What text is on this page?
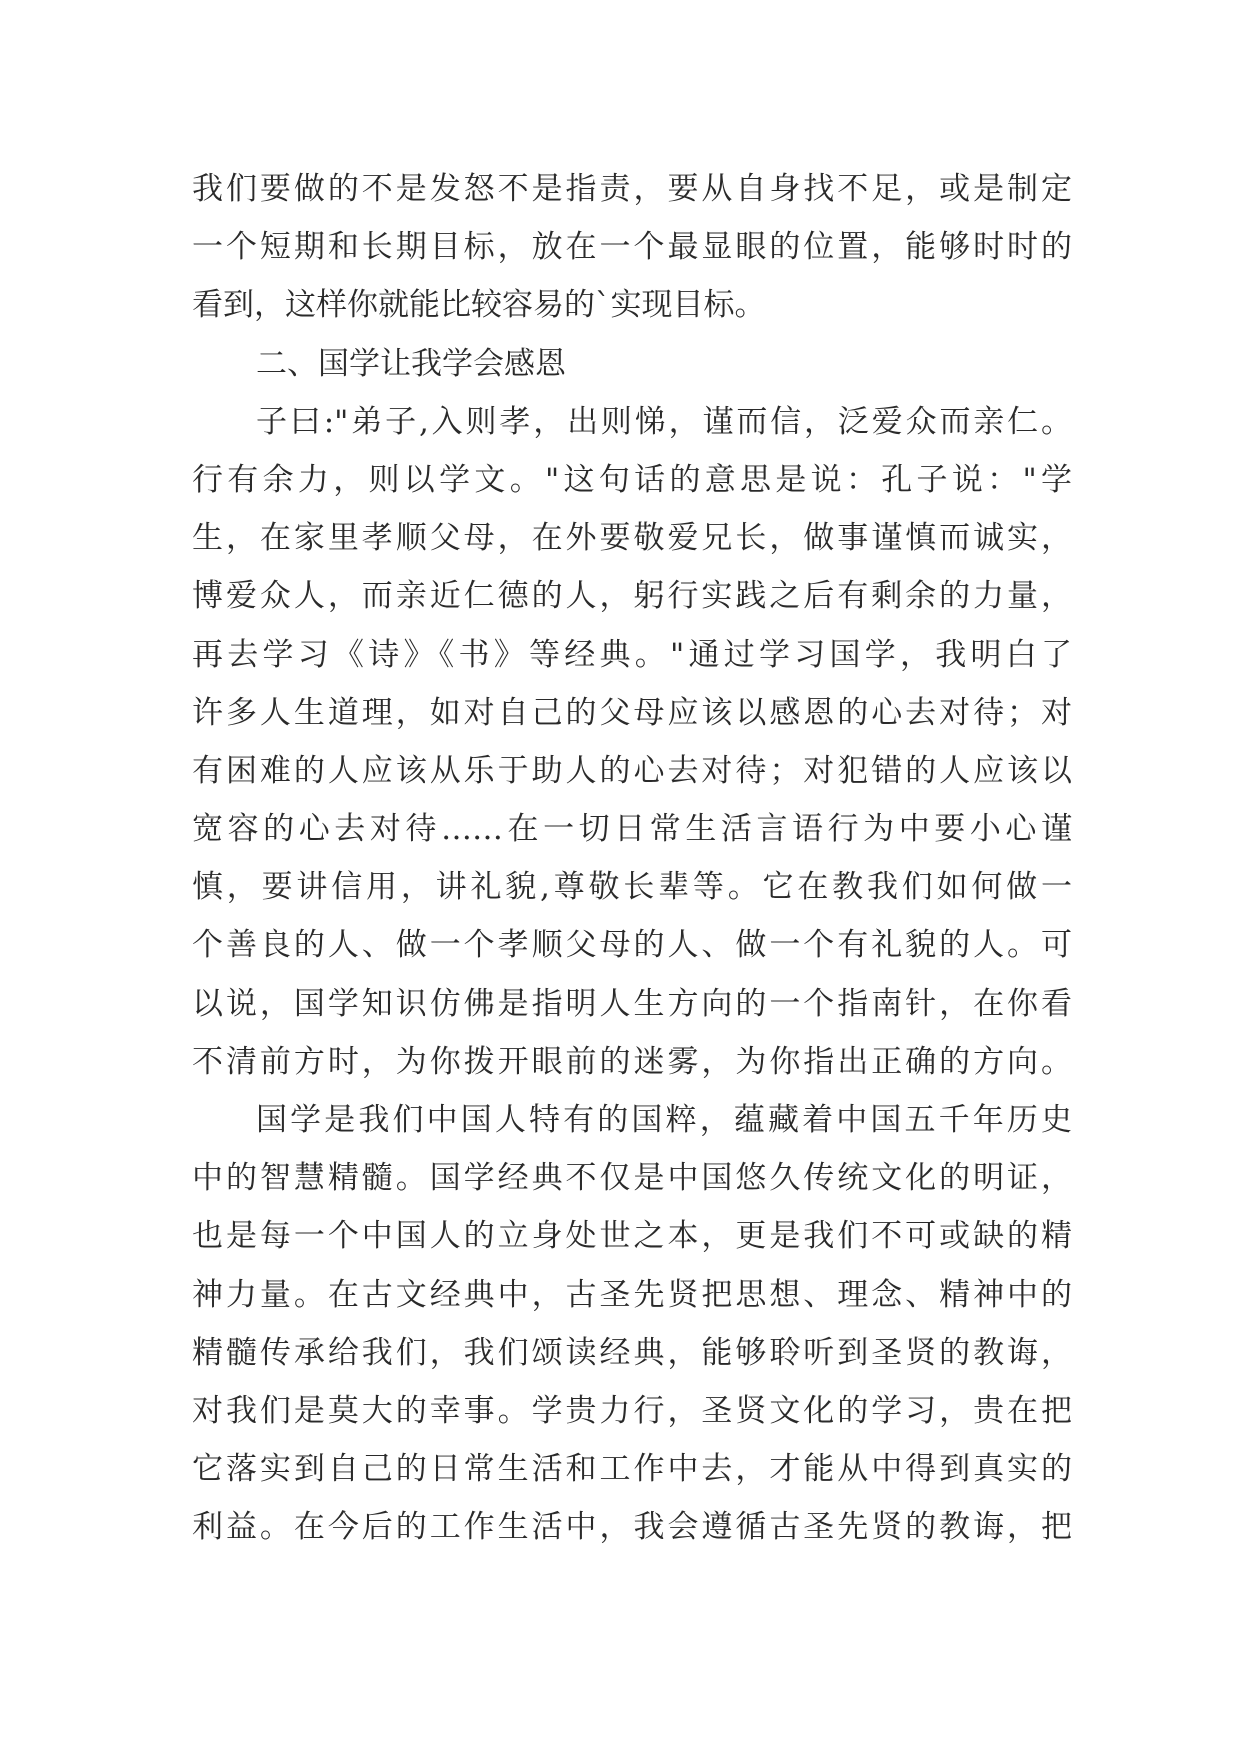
我们要做的不是发怒不是指责，要从自身找不足，或是制定
一个短期和长期目标，放在一个最显眼的位置，能够时时的
看到，这样你就能比较容易的`实现目标。
二、国学让我学会感恩
子曰:"弟子,入则孝，出则悌，谨而信，泛爱众而亲仁。
行有余力，则以学文。"这句话的意思是说：孔子说："学
生，在家里孝顺父母，在外要敬爱兄长，做事谨慎而诚实，
博爱众人，而亲近仁德的人，躬行实践之后有剩余的力量，
再去学习《诗》《书》等经典。"通过学习国学，我明白了
许多人生道理，如对自己的父母应该以感恩的心去对待；对
有困难的人应该从乐于助人的心去对待；对犯错的人应该以
宽容的心去对待……在一切日常生活言语行为中要小心谨
慎，要讲信用，讲礼貌,尊敬长辈等。它在教我们如何做一
个善良的人、做一个孝顺父母的人、做一个有礼貌的人。可
以说，国学知识仿佛是指明人生方向的一个指南针，在你看
不清前方时，为你拨开眼前的迷雾，为你指出正确的方向。
国学是我们中国人特有的国粹，蕴藏着中国五千年历史
中的智慧精髓。国学经典不仅是中国悠久传统文化的明证，
也是每一个中国人的立身处世之本，更是我们不可或缺的精
神力量。在古文经典中，古圣先贤把思想、理念、精神中的
精髓传承给我们，我们颂读经典，能够聆听到圣贤的教诲，
对我们是莫大的幸事。学贵力行，圣贤文化的学习，贵在把
它落实到自己的日常生活和工作中去，才能从中得到真实的
利益。在今后的工作生活中，我会遵循古圣先贤的教诲，把
